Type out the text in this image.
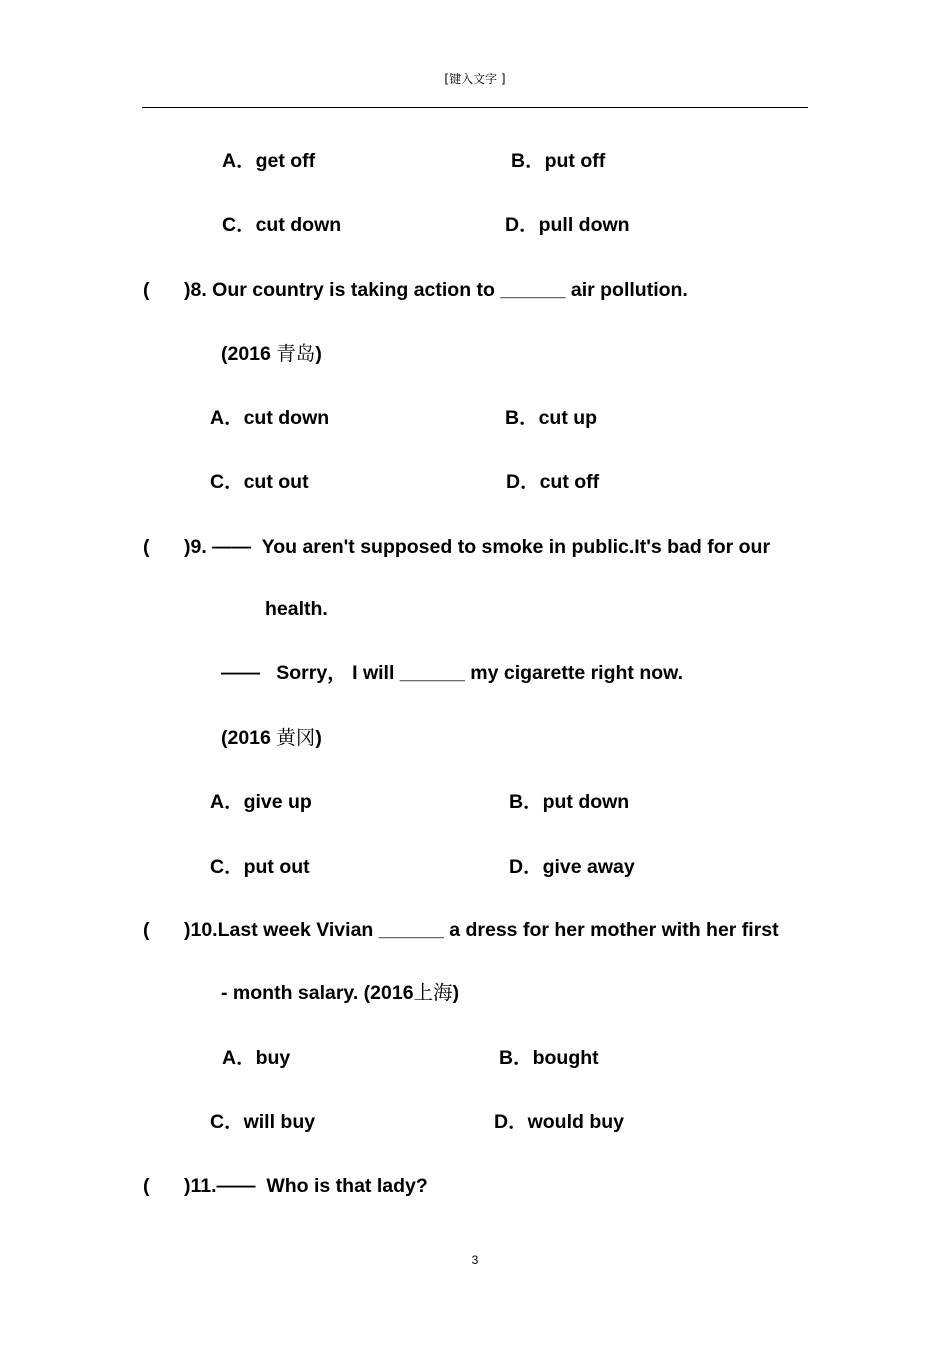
[键入文字 ]
A．get off	B．put off
C．cut down	D．pull down
( )8. Our country is taking action to ______ air pollution.
(2016 青岛)
A．cut down	B．cut up
C．cut out	D．cut off
( )9. ——  You aren't supposed to smoke in public.It's bad for our
health.
——   Sorry， I will ______ my cigarette right now.
(2016 黄冈)
A．give up	B．put down
C．put out	D．give away
( )10.Last week Vivian ______ a dress for her mother with her first
- month salary. (2016上海)
A．buy	B．bought
C．will buy	D．would buy
( )11.——  Who is that lady?
3
